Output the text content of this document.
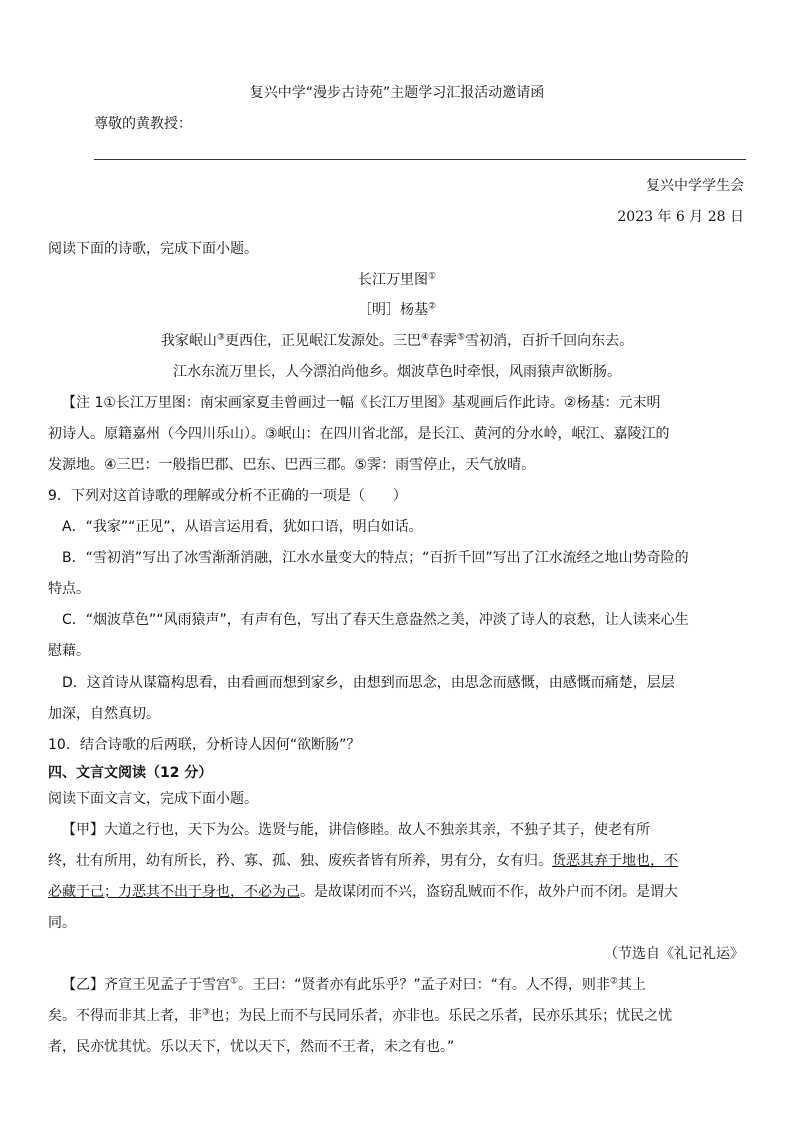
复兴中学“漫步古诗苑”主题学习汇报活动邀请函
尊敬的黄教授：
复兴中学学生会
2023 年 6 月 28 日
阅读下面的诗歌，完成下面小题。
长江万里图①
［明］杨基②
我家岷山③更西住，正见岷江发源处。三巴④春霁⑤雪初消，百折千回向东去。
江水东流万里长，人今漂泊尚他乡。烟波草色时牵恨，风雨猿声欲断肠。
【注 1①长江万里图：南宋画家夏圭曾画过一幅《长江万里图》基观画后作此诗。②杨基：元末明
初诗人。原籍嘉州（今四川乐山）。③岷山：在四川省北部，是长江、黄河的分水岭，岷江、嘉陵江的
发源地。④三巴：一般指巴郡、巴东、巴西三郡。⑤霁：雨雪停止，天气放晴。
9．下列对这首诗歌的理解或分析不正确的一项是（　　）
A．“我家”“正见”，从语言运用看，犹如口语，明白如话。
B．“雪初消”写出了冰雪渐渐消融，江水水量变大的特点；“百折千回”写出了江水流经之地山势奇险的
特点。
C．“烟波草色”“风雨猿声”，有声有色，写出了春天生意盎然之美，冲淡了诗人的哀愁，让人读来心生
慰藉。
D．这首诗从谋篇构思看，由看画而想到家乡，由想到而思念，由思念而感慨，由感慨而痛楚，层层
加深，自然真切。
10．结合诗歌的后两联，分析诗人因何“欲断肠”？
四、文言文阅读（12 分）
阅读下面文言文，完成下面小题。
【甲】大道之行也，天下为公。选贤与能，讲信修睦。故人不独亲其亲，不独子其子，使老有所
终，壮有所用，幼有所长，矜、寡、孤、独、废疾者皆有所养，男有分，女有归。货恶其弃于地也，不
必藏于己；力恶其不出于身也，不必为己。是故谋闭而不兴，盗窃乱贼而不作，故外户而不闭。是谓大
同。
（节选自《礼记礼运》
【乙】齐宣王见孟子于雪宫①。王曰：“贤者亦有此乐乎？”孟子对曰：“有。人不得，则非②其上
矣。不得而非其上者，非③也；为民上而不与民同乐者，亦非也。乐民之乐者，民亦乐其乐；忧民之忧
者，民亦忧其忧。乐以天下，忧以天下，然而不王者，未之有也。”
